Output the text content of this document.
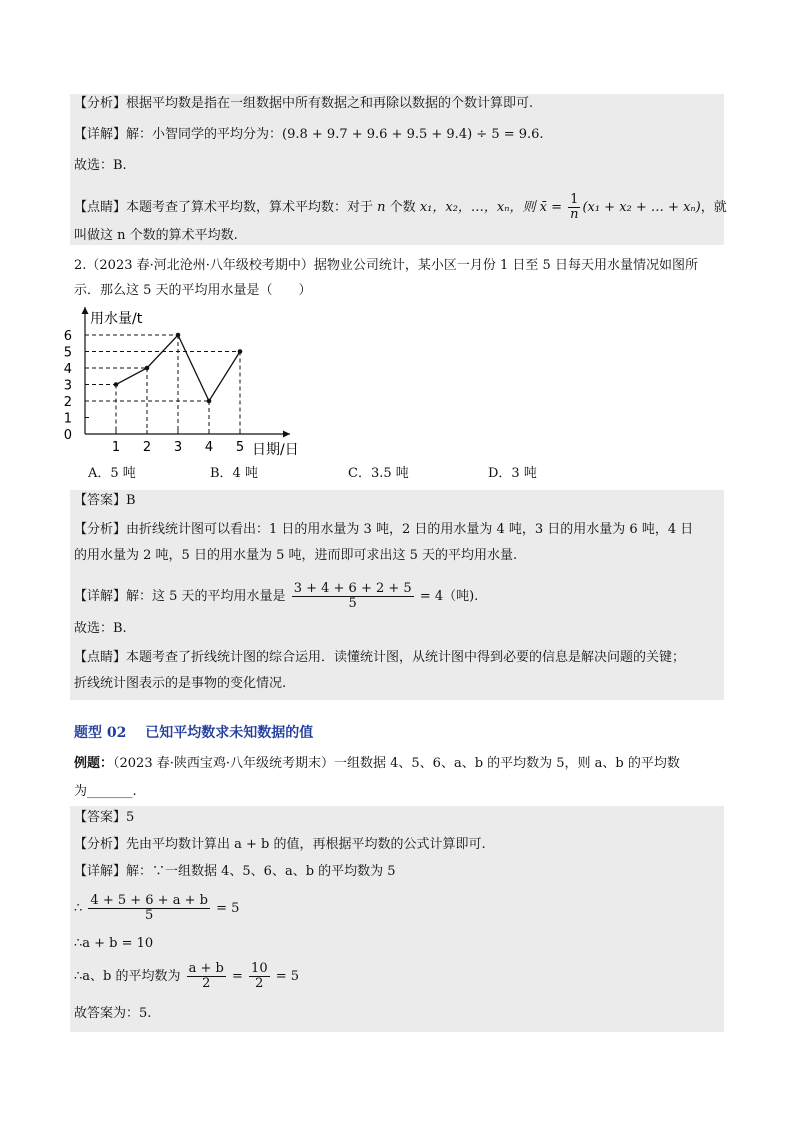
【分析】根据平均数是指在一组数据中所有数据之和再除以数据的个数计算即可.
【详解】解：小智同学的平均分为：(9.8 + 9.7 + 9.6 + 9.5 + 9.4) ÷ 5 = 9.6.
故选：B.
【点睛】本题考查了算术平均数，算术平均数：对于 n 个数 x₁，x₂，…，xₙ，则 x̄ = $\frac{1}{n} (x_1 + x_2$ + … + xₙ)，就
叫做这 n 个数的算术平均数.
2.（2023 春·河北沧州·八年级校考期中）据物业公司统计，某小区一月份 1 日至 5 日每天用水量情况如图所
示．那么这 5 天的平均用水量是（　　）
用水量/t
日期/日
0
1
2
3
4
5
6
1 2 3 4 5
A．5 吨	B．4 吨	C．3.5 吨	D．3 吨
【答案】B
【分析】由折线统计图可以看出：1 日的用水量为 3 吨，2 日的用水量为 4 吨，3 日的用水量为 6 吨，4 日
的用水量为 2 吨，5 日的用水量为 5 吨，进而即可求出这 5 天的平均用水量.
【详解】解：这 5 天的平均用水量是 $\frac{3 + 4 + 6 + 2 + 5}{5} = 4$（吨).
故选：B.
【点睛】本题考查了折线统计图的综合运用．读懂统计图，从统计图中得到必要的信息是解决问题的关键；
折线统计图表示的是事物的变化情况.
题型 02　 已知平均数求未知数据的值
例题：（2023 春·陕西宝鸡·八年级统考期末）一组数据 4、5、6、a、b 的平均数为 5，则 a、b 的平均数
为_______.
【答案】5
【分析】先由平均数计算出 a + b 的值，再根据平均数的公式计算即可.
【详解】解：∵一组数据 4、5、6、a、b 的平均数为 5
∴ $\frac{4 + 5 + 6 + a + b}{5} = 5$
∴a + b = 10
∴a、b 的平均数为 $\frac{a + b}{2} = \frac{10}{2} = 5$
故答案为：5.
